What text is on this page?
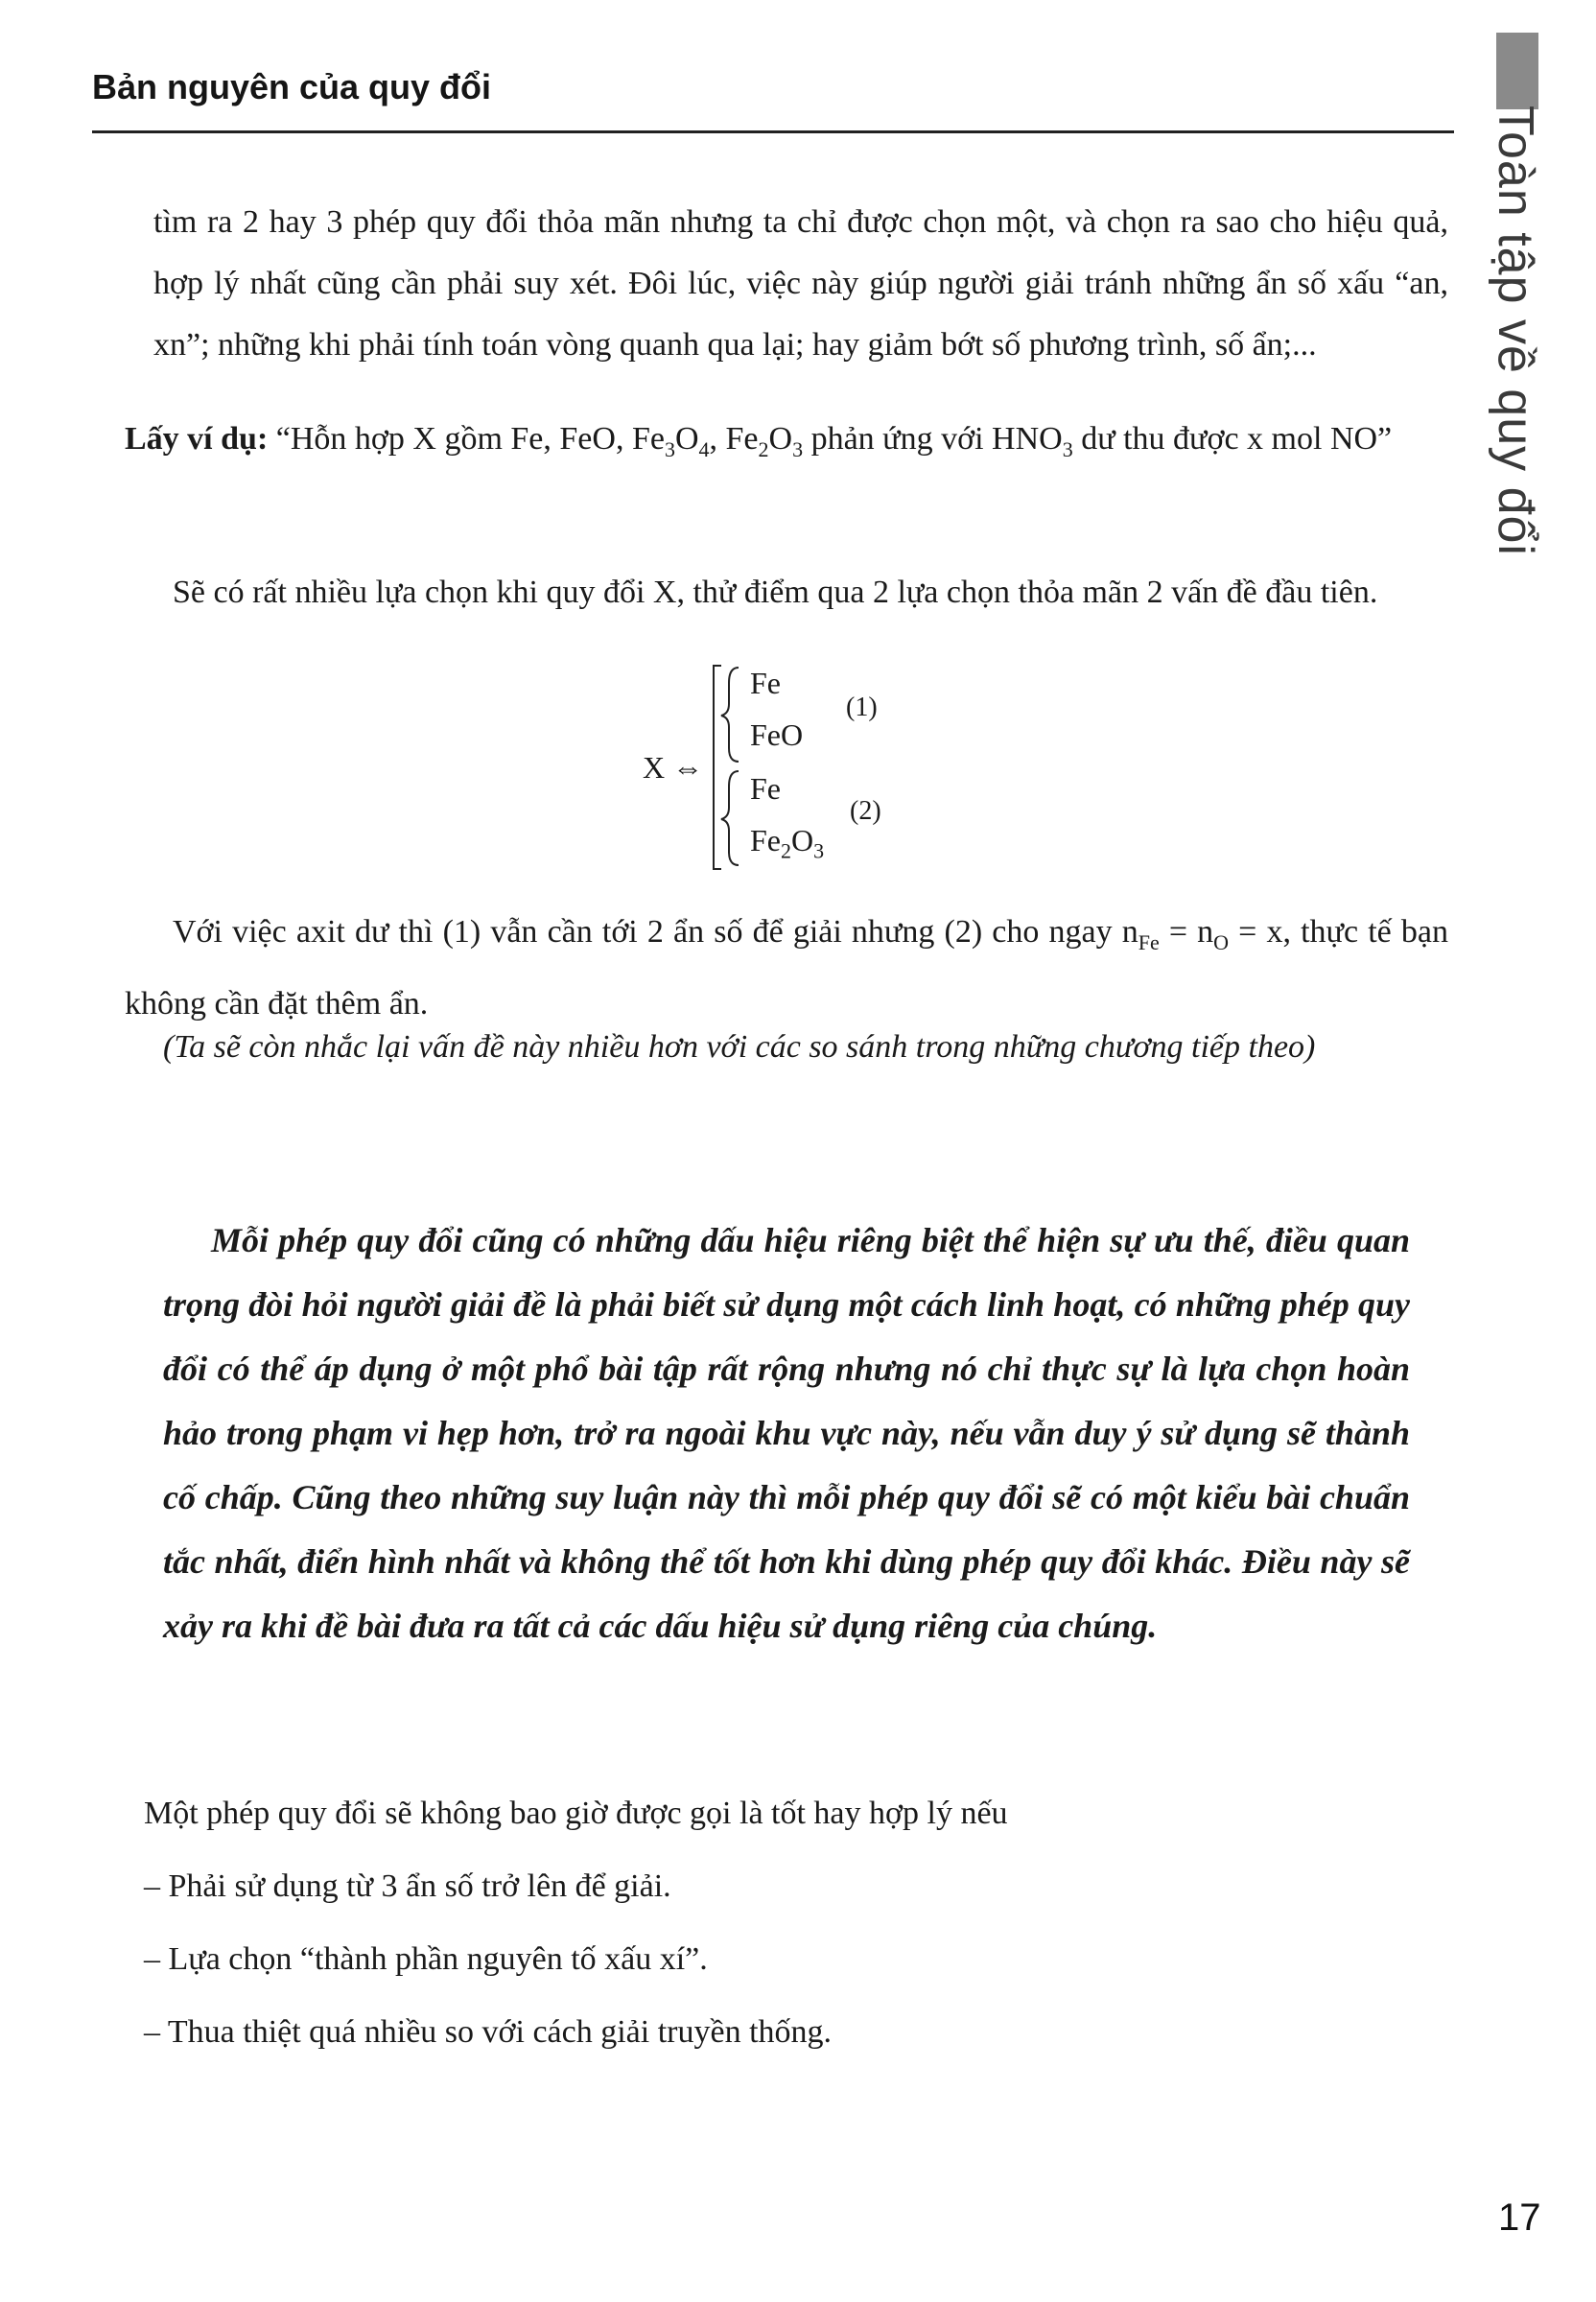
Bản nguyên của quy đổi
Toàn tập về quy đổi
tìm ra 2 hay 3 phép quy đổi thỏa mãn nhưng ta chỉ được chọn một, và chọn ra sao cho hiệu quả, hợp lý nhất cũng cần phải suy xét. Đôi lúc, việc này giúp người giải tránh những ẩn số xấu “an, xn”; những khi phải tính toán vòng quanh qua lại; hay giảm bớt số phương trình, số ẩn;...
Lấy ví dụ: “Hỗn hợp X gồm Fe, FeO, $Fe_3O_4$, $Fe_2O_3$ phản ứng với $HNO_3$ dư thu được x mol NO”
Sẽ có rất nhiều lựa chọn khi quy đổi X, thử điểm qua 2 lựa chọn thỏa mãn 2 vấn đề đầu tiên.
X ⇔
Fe
FeO
(1)
Fe
$Fe_2O_3$
(2)
Với việc axit dư thì (1) vẫn cần tới 2 ẩn số để giải nhưng (2) cho ngay $n_{Fe} = n_O = x$, thực tế bạn không cần đặt thêm ẩn.
(Ta sẽ còn nhắc lại vấn đề này nhiều hơn với các so sánh trong những chương tiếp theo)
Mỗi phép quy đổi cũng có những dấu hiệu riêng biệt thể hiện sự ưu thế, điều quan trọng đòi hỏi người giải đề là phải biết sử dụng một cách linh hoạt, có những phép quy đổi có thể áp dụng ở một phổ bài tập rất rộng nhưng nó chỉ thực sự là lựa chọn hoàn hảo trong phạm vi hẹp hơn, trở ra ngoài khu vực này, nếu vẫn duy ý sử dụng sẽ thành cố chấp. Cũng theo những suy luận này thì mỗi phép quy đổi sẽ có một kiểu bài chuẩn tắc nhất, điển hình nhất và không thể tốt hơn khi dùng phép quy đổi khác. Điều này sẽ xảy ra khi đề bài đưa ra tất cả các dấu hiệu sử dụng riêng của chúng.
Một phép quy đổi sẽ không bao giờ được gọi là tốt hay hợp lý nếu
– Phải sử dụng từ 3 ẩn số trở lên để giải.
– Lựa chọn “thành phần nguyên tố xấu xí”.
– Thua thiệt quá nhiều so với cách giải truyền thống.
17
